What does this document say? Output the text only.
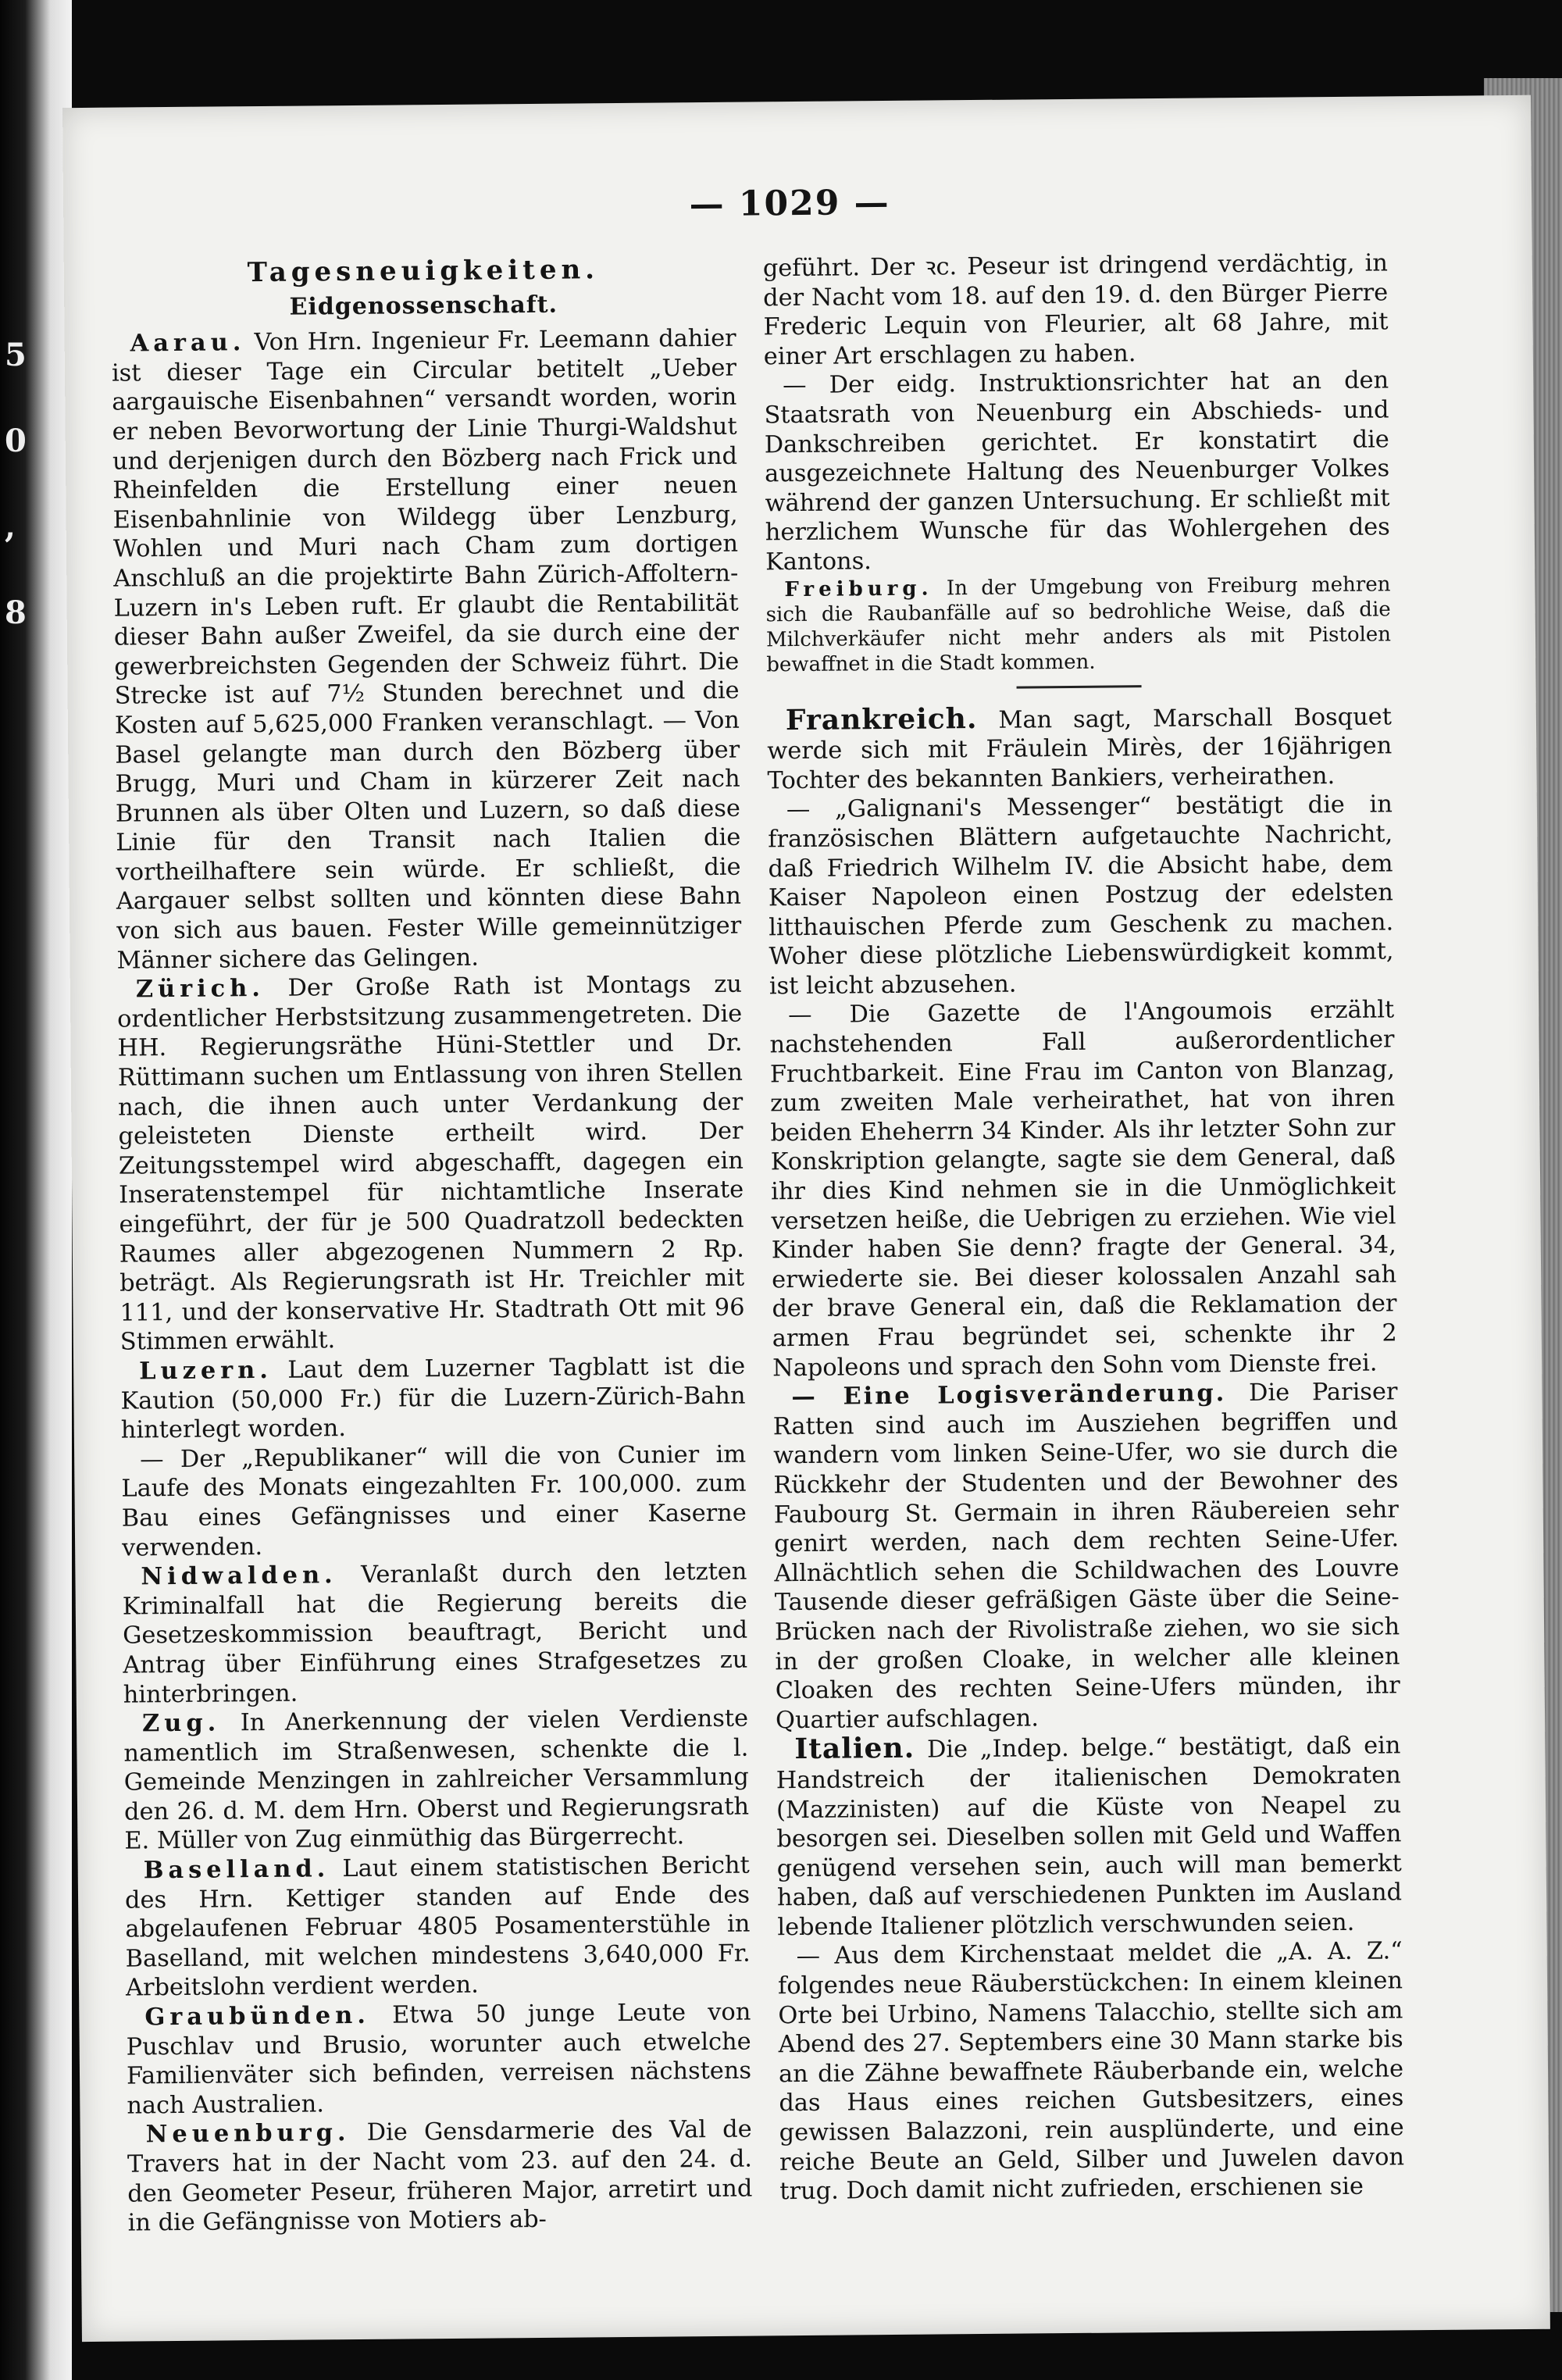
5
0
,
8
— 1029 —
Tagesneuigkeiten.
Eidgenossenschaft.

Aarau. Von Hrn. Ingenieur Fr. Leemann dahier ist dieser Tage ein Circular betitelt „Ueber aargauische Eisenbahnen“ versandt worden, worin er neben Bevorwortung der Linie Thurgi-Waldshut und derjenigen durch den Bözberg nach Frick und Rheinfelden die Erstellung einer neuen Eisenbahnlinie von Wildegg über Lenzburg, Wohlen und Muri nach Cham zum dortigen Anschluß an die projektirte Bahn Zürich-Affoltern-Luzern in's Leben ruft. Er glaubt die Rentabilität dieser Bahn außer Zweifel, da sie durch eine der gewerbreichsten Gegenden der Schweiz führt. Die Strecke ist auf 7½ Stunden berechnet und die Kosten auf 5,625,000 Franken veranschlagt. — Von Basel gelangte man durch den Bözberg über Brugg, Muri und Cham in kürzerer Zeit nach Brunnen als über Olten und Luzern, so daß diese Linie für den Transit nach Italien die vortheilhaftere sein würde. Er schließt, die Aargauer selbst sollten und könnten diese Bahn von sich aus bauen. Fester Wille gemeinnütziger Männer sichere das Gelingen.

Zürich. Der Große Rath ist Montags zu ordentlicher Herbstsitzung zusammengetreten. Die HH. Regierungsräthe Hüni-Stettler und Dr. Rüttimann suchen um Entlassung von ihren Stellen nach, die ihnen auch unter Verdankung der geleisteten Dienste ertheilt wird. Der Zeitungsstempel wird abgeschafft, dagegen ein Inseratenstempel für nichtamtliche Inserate eingeführt, der für je 500 Quadratzoll bedeckten Raumes aller abgezogenen Nummern 2 Rp. beträgt. Als Regierungsrath ist Hr. Treichler mit 111, und der konservative Hr. Stadtrath Ott mit 96 Stimmen erwählt.

Luzern. Laut dem Luzerner Tagblatt ist die Kaution (50,000 Fr.) für die Luzern-Zürich-Bahn hinterlegt worden.

— Der „Republikaner“ will die von Cunier im Laufe des Monats eingezahlten Fr. 100,000. zum Bau eines Gefängnisses und einer Kaserne verwenden.

Nidwalden. Veranlaßt durch den letzten Kriminalfall hat die Regierung bereits die Gesetzeskommission beauftragt, Bericht und Antrag über Einführung eines Strafgesetzes zu hinterbringen.

Zug. In Anerkennung der vielen Verdienste namentlich im Straßenwesen, schenkte die l. Gemeinde Menzingen in zahlreicher Versammlung den 26. d. M. dem Hrn. Oberst und Regierungsrath E. Müller von Zug einmüthig das Bürgerrecht.

Baselland. Laut einem statistischen Bericht des Hrn. Kettiger standen auf Ende des abgelaufenen Februar 4805 Posamenterstühle in Baselland, mit welchen mindestens 3,640,000 Fr. Arbeitslohn verdient werden.

Graubünden. Etwa 50 junge Leute von Puschlav und Brusio, worunter auch etwelche Familienväter sich befinden, verreisen nächstens nach Australien.

Neuenburg. Die Gensdarmerie des Val de Travers hat in der Nacht vom 23. auf den 24. d. den Geometer Peseur, früheren Major, arretirt und in die Gefängnisse von Motiers ab-

geführt. Der ꝛc. Peseur ist dringend verdächtig, in der Nacht vom 18. auf den 19. d. den Bürger Pierre Frederic Lequin von Fleurier, alt 68 Jahre, mit einer Art erschlagen zu haben.

— Der eidg. Instruktionsrichter hat an den Staatsrath von Neuenburg ein Abschieds- und Dankschreiben gerichtet. Er konstatirt die ausgezeichnete Haltung des Neuenburger Volkes während der ganzen Untersuchung. Er schließt mit herzlichem Wunsche für das Wohlergehen des Kantons.

Freiburg. In der Umgebung von Freiburg mehren sich die Raubanfälle auf so bedrohliche Weise, daß die Milchverkäufer nicht mehr anders als mit Pistolen bewaffnet in die Stadt kommen.

Frankreich. Man sagt, Marschall Bosquet werde sich mit Fräulein Mirès, der 16jährigen Tochter des bekannten Bankiers, verheirathen.

— „Galignani's Messenger“ bestätigt die in französischen Blättern aufgetauchte Nachricht, daß Friedrich Wilhelm IV. die Absicht habe, dem Kaiser Napoleon einen Postzug der edelsten litthauischen Pferde zum Geschenk zu machen. Woher diese plötzliche Liebenswürdigkeit kommt, ist leicht abzusehen.

— Die Gazette de l'Angoumois erzählt nachstehenden Fall außerordentlicher Fruchtbarkeit. Eine Frau im Canton von Blanzag, zum zweiten Male verheirathet, hat von ihren beiden Eheherrn 34 Kinder. Als ihr letzter Sohn zur Konskription gelangte, sagte sie dem General, daß ihr dies Kind nehmen sie in die Unmöglichkeit versetzen heiße, die Uebrigen zu erziehen. Wie viel Kinder haben Sie denn? fragte der General. 34, erwiederte sie. Bei dieser kolossalen Anzahl sah der brave General ein, daß die Reklamation der armen Frau begründet sei, schenkte ihr 2 Napoleons und sprach den Sohn vom Dienste frei.

— Eine Logisveränderung. Die Pariser Ratten sind auch im Ausziehen begriffen und wandern vom linken Seine-Ufer, wo sie durch die Rückkehr der Studenten und der Bewohner des Faubourg St. Germain in ihren Räubereien sehr genirt werden, nach dem rechten Seine-Ufer. Allnächtlich sehen die Schildwachen des Louvre Tausende dieser gefräßigen Gäste über die Seine-Brücken nach der Rivolistraße ziehen, wo sie sich in der großen Cloake, in welcher alle kleinen Cloaken des rechten Seine-Ufers münden, ihr Quartier aufschlagen.

Italien. Die „Indep. belge.“ bestätigt, daß ein Handstreich der italienischen Demokraten (Mazzinisten) auf die Küste von Neapel zu besorgen sei. Dieselben sollen mit Geld und Waffen genügend versehen sein, auch will man bemerkt haben, daß auf verschiedenen Punkten im Ausland lebende Italiener plötzlich verschwunden seien.

— Aus dem Kirchenstaat meldet die „A. A. Z.“ folgendes neue Räuberstückchen: In einem kleinen Orte bei Urbino, Namens Talacchio, stellte sich am Abend des 27. Septembers eine 30 Mann starke bis an die Zähne bewaffnete Räuberbande ein, welche das Haus eines reichen Gutsbesitzers, eines gewissen Balazzoni, rein ausplünderte, und eine reiche Beute an Geld, Silber und Juwelen davon trug. Doch damit nicht zufrieden, erschienen sie
